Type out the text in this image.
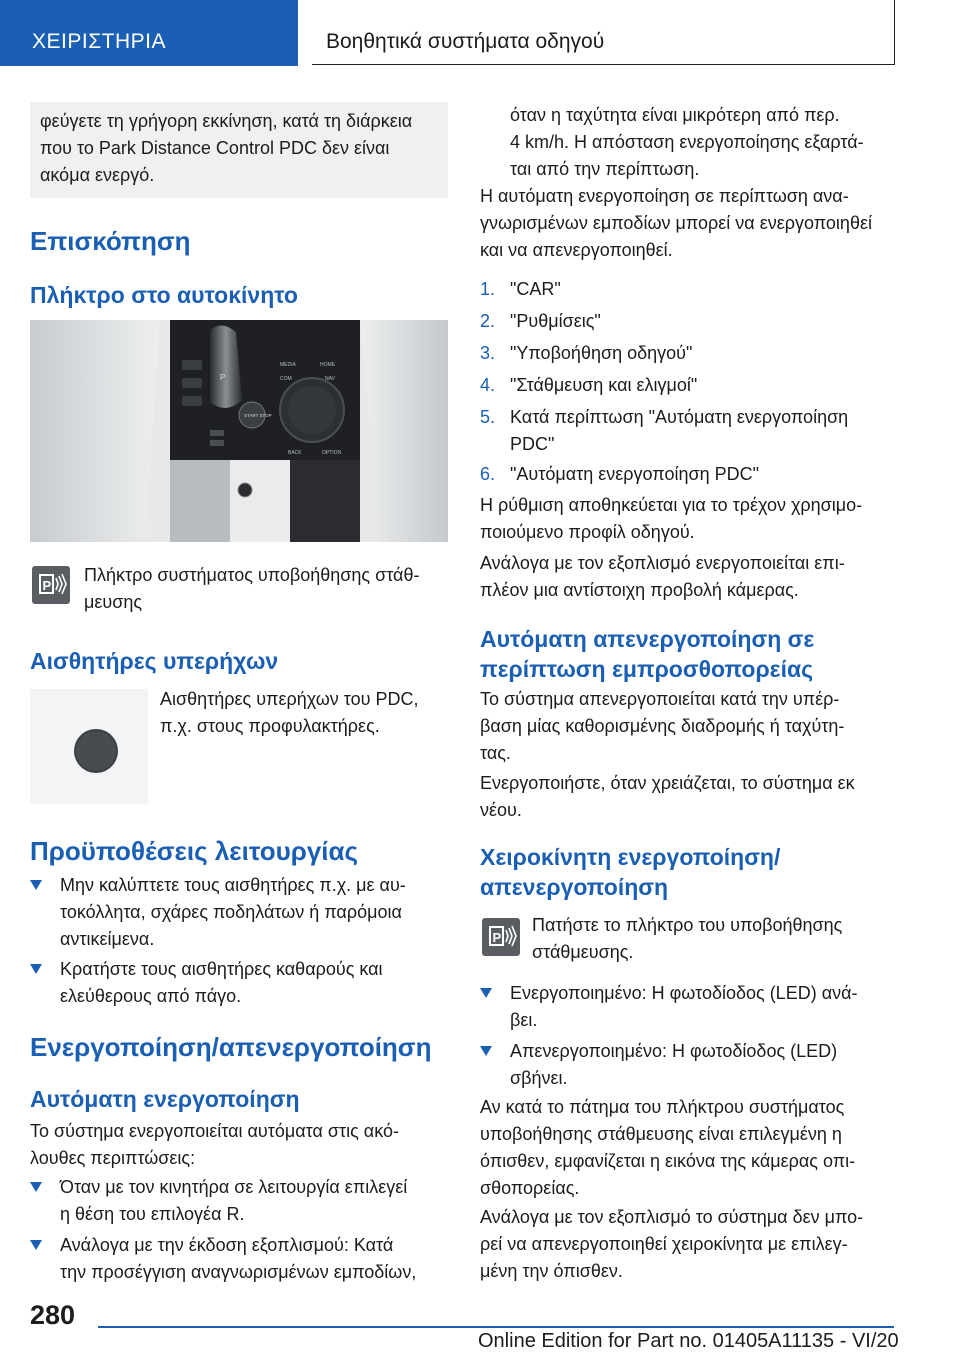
ΧΕΙΡΙΣΤΗΡΙΑ	Βοηθητικά συστήματα οδηγού
φεύγετε τη γρήγορη εκκίνηση, κατά τη διάρκεια
που το Park Distance Control PDC δεν είναι
ακόμα ενεργό.
Επισκόπηση
Πλήκτρο στο αυτοκίνητο
P
START STOP
MEDIA	HOME
COM	NAV
BACK	OPTION
P
Πλήκτρο συστήματος υποβοήθησης στάθ-
μευσης
Αισθητήρες υπερήχων
Αισθητήρες υπερήχων του PDC,
π.χ. στους προφυλακτήρες.
Προϋποθέσεις λειτουργίας
Μην καλύπτετε τους αισθητήρες π.χ. με αυ-
τοκόλλητα, σχάρες ποδηλάτων ή παρόμοια
αντικείμενα.
Κρατήστε τους αισθητήρες καθαρούς και
ελεύθερους από πάγο.
Ενεργοποίηση/απενεργοποίηση
Αυτόματη ενεργοποίηση
Το σύστημα ενεργοποιείται αυτόματα στις ακό-
λουθες περιπτώσεις:
Όταν με τον κινητήρα σε λειτουργία επιλεγεί
η θέση του επιλογέα R.
Ανάλογα με την έκδοση εξοπλισμού: Κατά
την προσέγγιση αναγνωρισμένων εμποδίων,
όταν η ταχύτητα είναι μικρότερη από περ.
4 km/h. Η απόσταση ενεργοποίησης εξαρτά-
ται από την περίπτωση.
Η αυτόματη ενεργοποίηση σε περίπτωση ανα-
γνωρισμένων εμποδίων μπορεί να ενεργοποιηθεί
και να απενεργοποιηθεί.
1. "CAR"
2. "Ρυθμίσεις"
3. "Υποβοήθηση οδηγού"
4. "Στάθμευση και ελιγμοί"
5. Κατά περίπτωση "Αυτόματη ενεργοποίηση
PDC"
6. "Αυτόματη ενεργοποίηση PDC"
Η ρύθμιση αποθηκεύεται για το τρέχον χρησιμο-
ποιούμενο προφίλ οδηγού.
Ανάλογα με τον εξοπλισμό ενεργοποιείται επι-
πλέον μια αντίστοιχη προβολή κάμερας.
Αυτόματη απενεργοποίηση σε
περίπτωση εμπροσθοπορείας
Το σύστημα απενεργοποιείται κατά την υπέρ-
βαση μίας καθορισμένης διαδρομής ή ταχύτη-
τας.
Ενεργοποιήστε, όταν χρειάζεται, το σύστημα εκ
νέου.
Χειροκίνητη ενεργοποίηση/
απενεργοποίηση
P
Πατήστε το πλήκτρο του υποβοήθησης
στάθμευσης.
Ενεργοποιημένο: Η φωτοδίοδος (LED) ανά-
βει.
Απενεργοποιημένο: Η φωτοδίοδος (LED)
σβήνει.
Αν κατά το πάτημα του πλήκτρου συστήματος
υποβοήθησης στάθμευσης είναι επιλεγμένη η
όπισθεν, εμφανίζεται η εικόνα της κάμερας οπι-
σθοπορείας.
Ανάλογα με τον εξοπλισμό το σύστημα δεν μπο-
ρεί να απενεργοποιηθεί χειροκίνητα με επιλεγ-
μένη την όπισθεν.
280
Online Edition for Part no. 01405A11135 - VI/20
